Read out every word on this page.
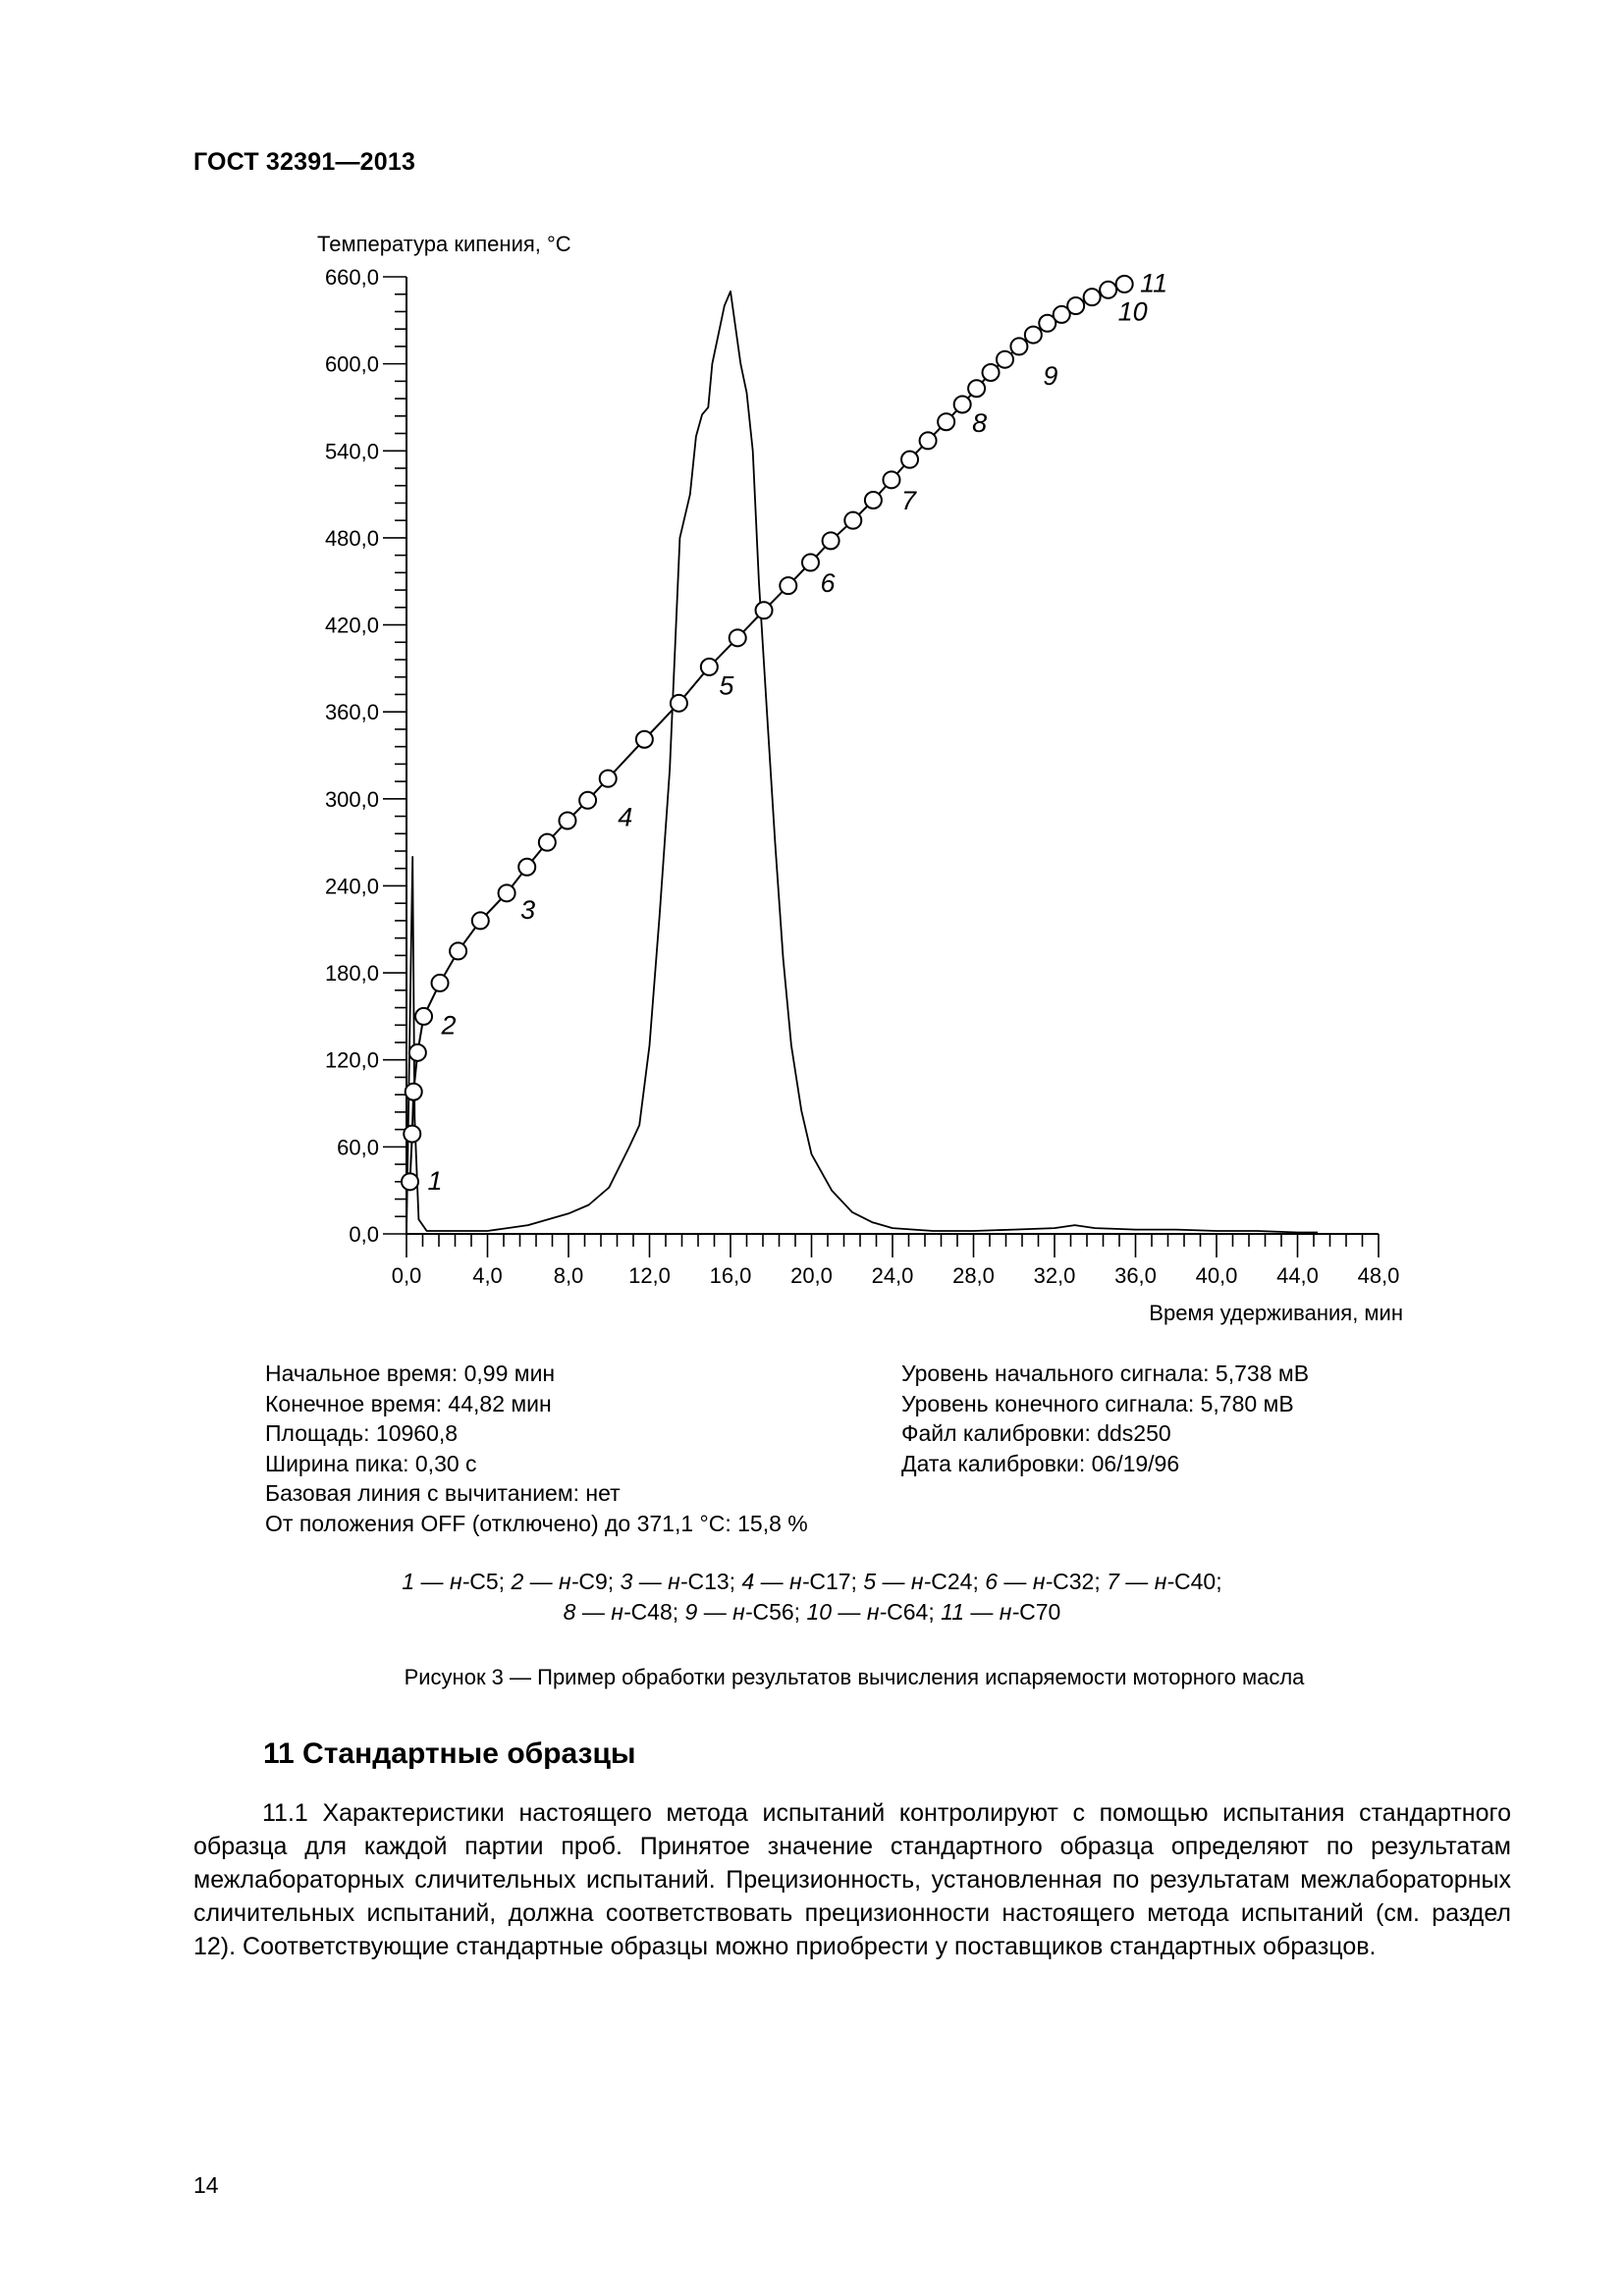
ГОСТ 32391—2013
0,0
60,0
120,0
180,0
240,0
300,0
360,0
420,0
480,0
540,0
600,0
660,0
0,0 4,0 8,0 12,0 16,0 20,0 24,0 28,0 32,0 36,0 40,0 44,0 48,0
1
2
3
4
5
6
7
8
9
10
11
Температура кипения, °С
Время удерживания, мин
Начальное время: 0,99 мин
Конечное время: 44,82 мин
Площадь: 10960,8
Ширина пика: 0,30 с
Базовая линия с вычитанием: нет
От положения OFF (отключено) до 371,1 °С: 15,8 %
Уровень начального сигнала: 5,738 мВ
Уровень конечного сигнала: 5,780 мВ
Файл калибровки: dds250
Дата калибровки: 06/19/96
1 — н-С5; 2 — н-С9; 3 — н-С13; 4 — н-С17; 5 — н-С24; 6 — н-С32; 7 — н-С40;
8 — н-С48; 9 — н-С56; 10 — н-С64; 11 — н-С70
Рисунок 3 — Пример обработки результатов вычисления испаряемости моторного масла
11 Стандартные образцы

11.1 Характеристики настоящего метода испытаний контролируют с помощью испытания стандартного образца для каждой партии проб. Принятое значение стандартного образца определяют по результатам межлабораторных сличительных испытаний. Прецизионность, установленная по результатам межлабораторных сличительных испытаний, должна соответствовать прецизионности настоящего метода испытаний (см. раздел 12). Соответствующие стандартные образцы можно приобрести у поставщиков стандартных образцов.

14
